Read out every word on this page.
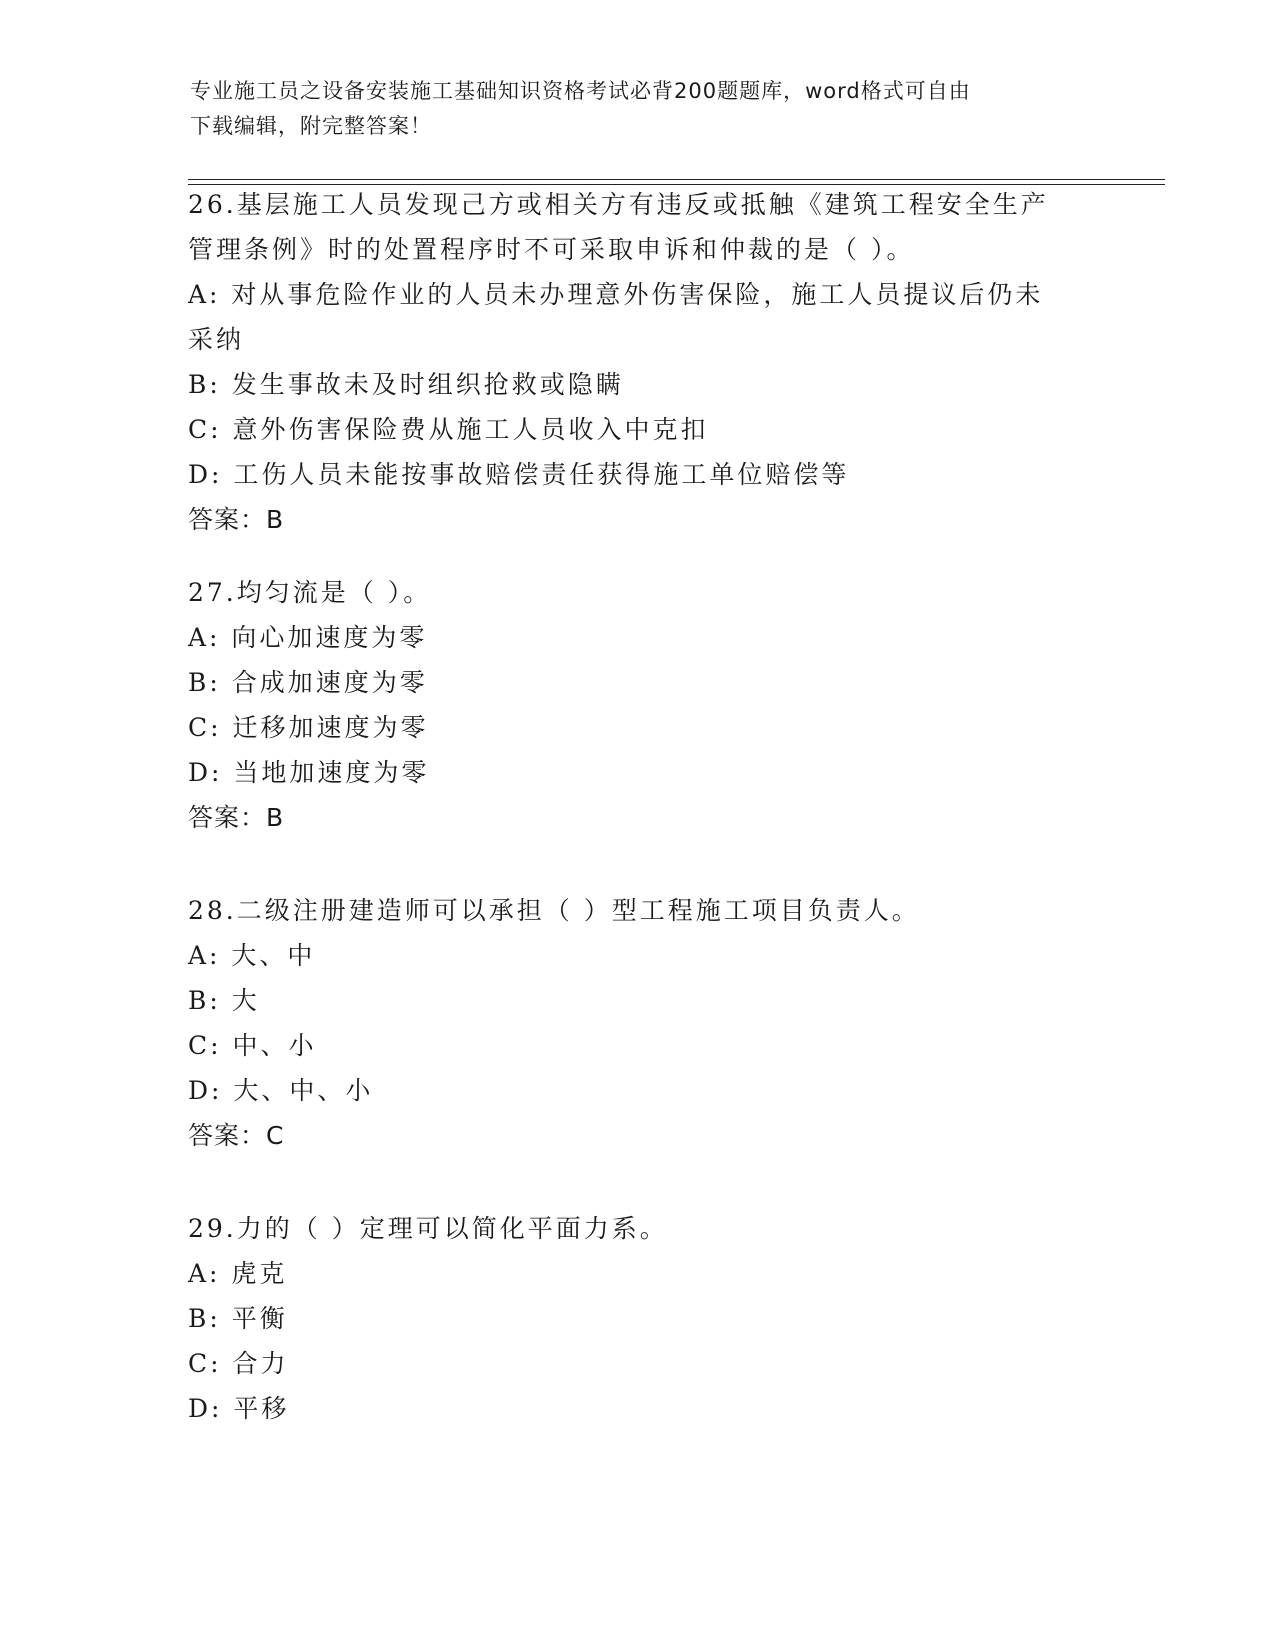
专业施工员之设备安装施工基础知识资格考试必背200题题库，word格式可自由
下载编辑，附完整答案！
26.基层施工人员发现己方或相关方有违反或抵触《建筑工程安全生产
管理条例》时的处置程序时不可采取申诉和仲裁的是（ ）。
A: 对从事危险作业的人员未办理意外伤害保险，施工人员提议后仍未
采纳
B: 发生事故未及时组织抢救或隐瞒
C: 意外伤害保险费从施工人员收入中克扣
D: 工伤人员未能按事故赔偿责任获得施工单位赔偿等
答案：B
27.均匀流是（ ）。
A: 向心加速度为零
B: 合成加速度为零
C: 迁移加速度为零
D: 当地加速度为零
答案：B
28.二级注册建造师可以承担（ ）型工程施工项目负责人。
A: 大、中
B: 大
C: 中、小
D: 大、中、小
答案：C
29.力的（ ）定理可以简化平面力系。
A: 虎克
B: 平衡
C: 合力
D: 平移
